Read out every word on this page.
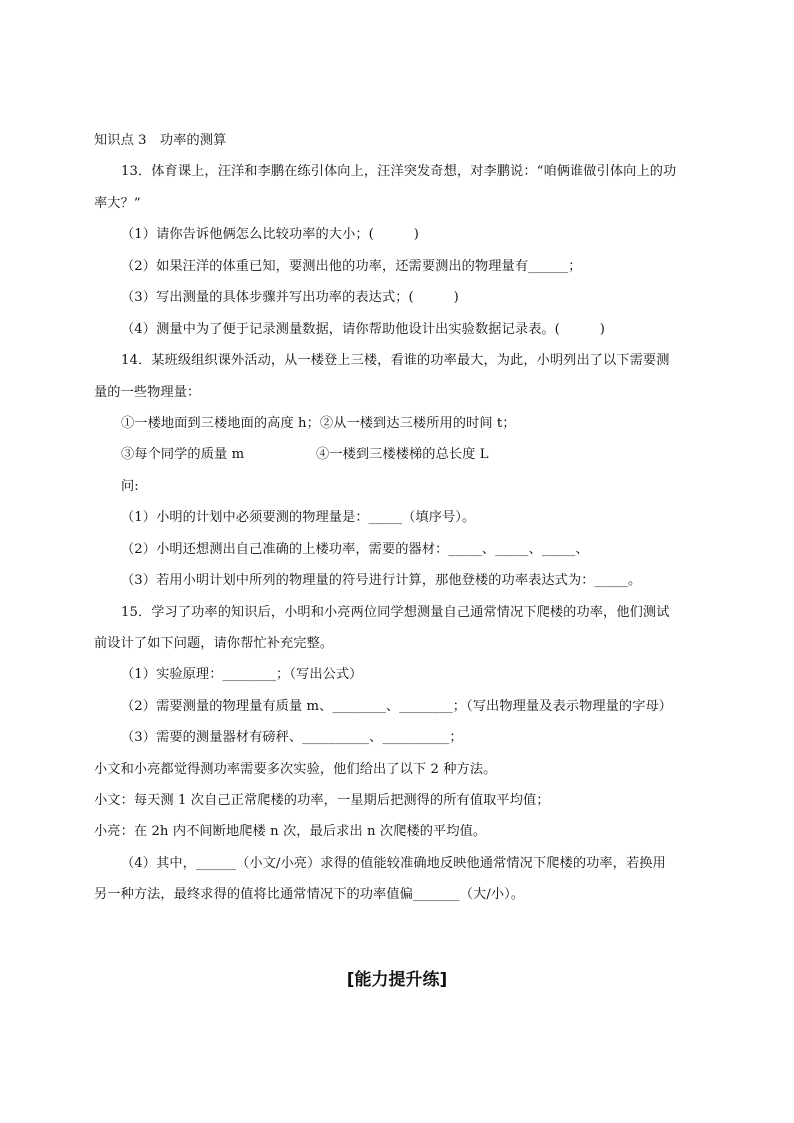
知识点 3　功率的测算
13．体育课上，汪洋和李鹏在练引体向上，汪洋突发奇想，对李鹏说：“咱俩谁做引体向上的功
率大？”
（1）请你告诉他俩怎么比较功率的大小；(　　　)
（2）如果汪洋的体重已知，要测出他的功率，还需要测出的物理量有______；
（3）写出测量的具体步骤并写出功率的表达式；(　　　)
（4）测量中为了便于记录测量数据，请你帮助他设计出实验数据记录表。(　　　)
14．某班级组织课外活动，从一楼登上三楼，看谁的功率最大，为此，小明列出了以下需要测
量的一些物理量：
①一楼地面到三楼地面的高度 h；②从一楼到达三楼所用的时间 t；
③每个同学的质量 m	④一楼到三楼楼梯的总长度 L
问:
（1）小明的计划中必须要测的物理量是：_____（填序号）。
（2）小明还想测出自己准确的上楼功率，需要的器材：_____、_____、_____、
（3）若用小明计划中所列的物理量的符号进行计算，那他登楼的功率表达式为：_____。
15．学习了功率的知识后，小明和小亮两位同学想测量自己通常情况下爬楼的功率，他们测试
前设计了如下问题，请你帮忙补充完整。
（1）实验原理：________；（写出公式）
（2）需要测量的物理量有质量 m、________、________；（写出物理量及表示物理量的字母）
（3）需要的测量器材有磅秤、__________、__________；
小文和小亮都觉得测功率需要多次实验，他们给出了以下 2 种方法。
小文：每天测 1 次自己正常爬楼的功率，一星期后把测得的所有值取平均值；
小亮：在 2h 内不间断地爬楼 n 次，最后求出 n 次爬楼的平均值。
（4）其中，______（小文/小亮）求得的值能较准确地反映他通常情况下爬楼的功率，若换用
另一种方法，最终求得的值将比通常情况下的功率值偏_______（大/小）。
[能力提升练]
